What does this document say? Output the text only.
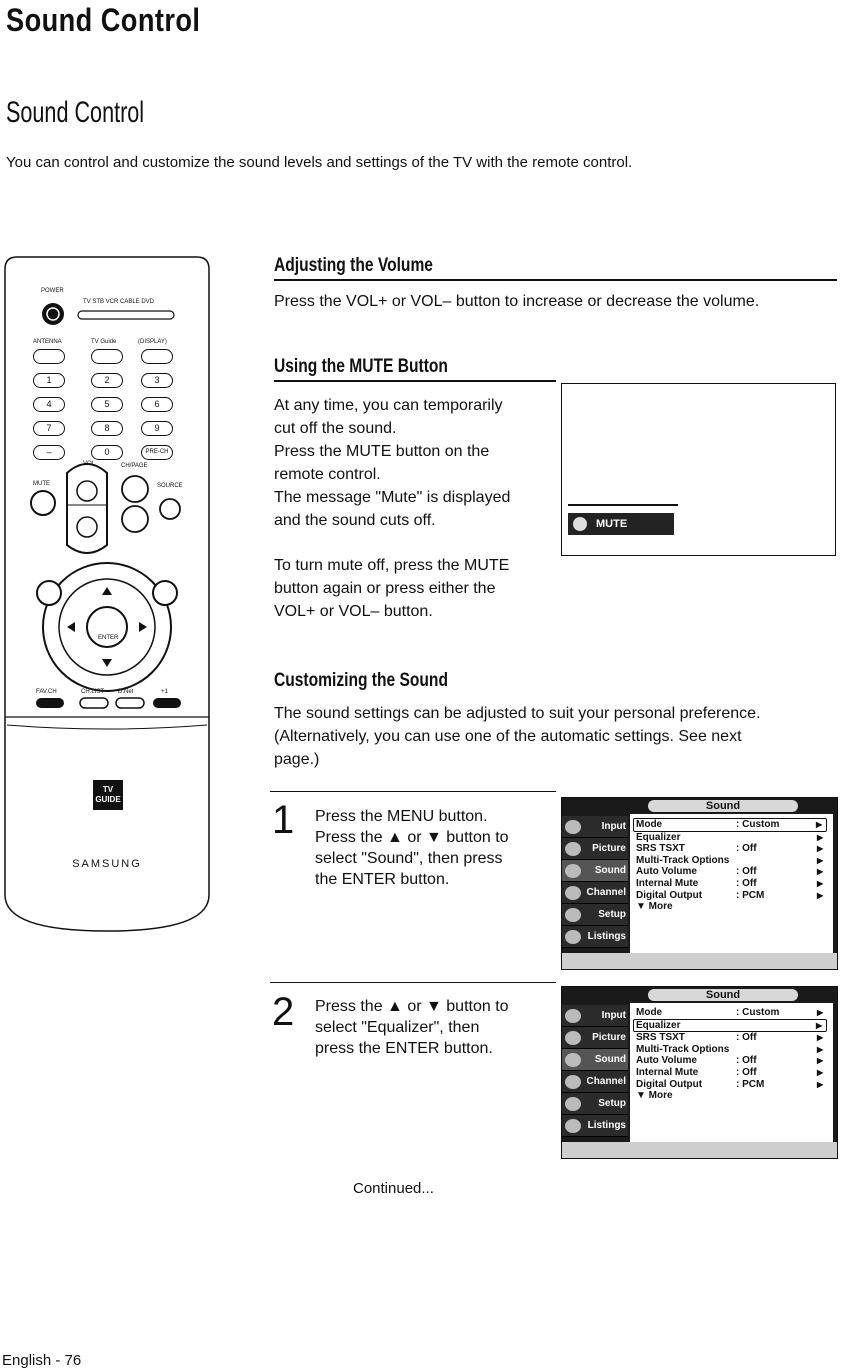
Sound Control
Sound Control
You can control and customize the sound levels and settings of the TV with the remote control.
POWER
TV STB VCR CABLE DVD
ANTENNA	TV Guide	(DISPLAY)
1	2	3
4	5	6
7	8	9
–	0	PRE-CH
MUTE
VOL	CH/PAGE
SOURCE
ENTER
FAV.CH	CH.LIST D.Net	+1
TV GUIDE
SAMSUNG
Adjusting the Volume
Press the VOL+ or VOL– button to increase or decrease the volume.
Using the MUTE Button
At any time, you can temporarily
cut off the sound.
Press the MUTE button on the
remote control.
The message "Mute" is displayed
and the sound cuts off.
To turn mute off, press the MUTE
button again or press either the
VOL+ or VOL– button.
MUTE
Customizing the Sound
The sound settings can be adjusted to suit your personal preference.
(Alternatively, you can use one of the automatic settings. See next
page.)
1 Press the MENU button.
Press the ▲ or ▼ button to
select "Sound", then press
the ENTER button.
Sound
Input
Picture
Sound
Channel
Setup
Listings
Mode	: Custom	▶
Equalizer	▶
SRS TSXT	: Off	▶
Multi-Track Options	▶
Auto Volume	: Off	▶
Internal Mute	: Off	▶
Digital Output	: PCM	▶
▼ More
2 Press the ▲ or ▼ button to
select "Equalizer", then
press the ENTER button.
Sound
Input
Picture
Sound
Channel
Setup
Listings
Mode	: Custom	▶
Equalizer	▶
SRS TSXT	: Off	▶
Multi-Track Options	▶
Auto Volume	: Off	▶
Internal Mute	: Off	▶
Digital Output	: PCM	▶
▼ More
Continued...
English - 76
